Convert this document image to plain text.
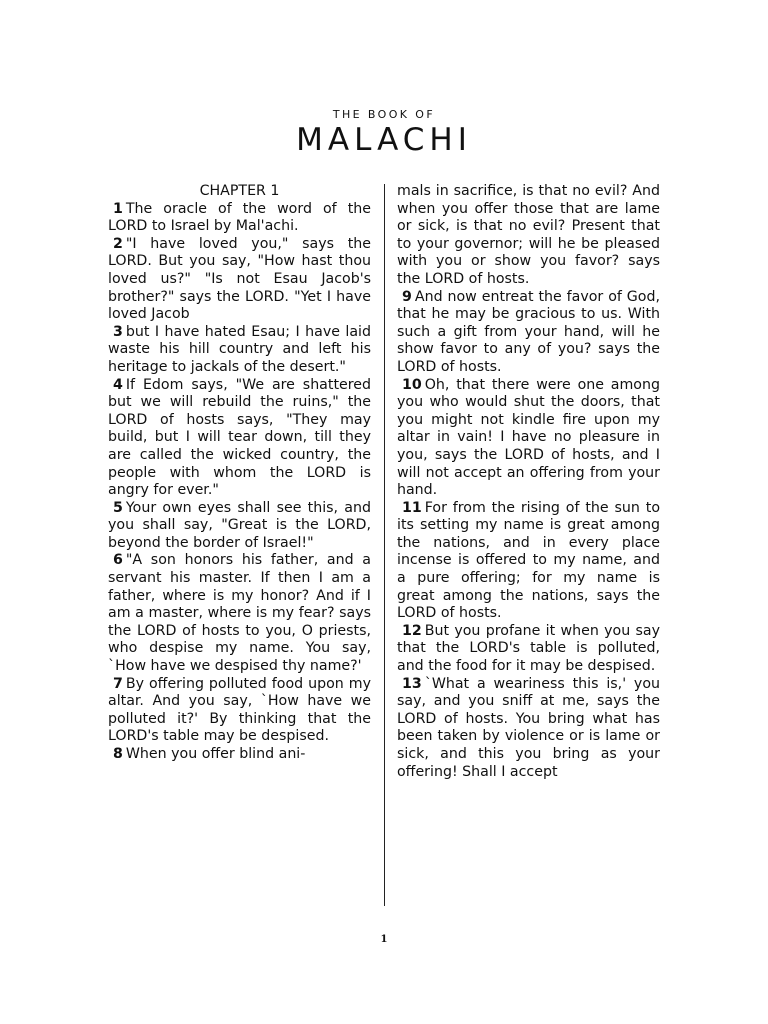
THE BOOK OF
MALACHI

CHAPTER 1

1 The oracle of the word of the LORD to Israel by Mal'achi.

2 "I have loved you," says the LORD. But you say, "How hast thou loved us?" "Is not Esau Jacob's brother?" says the LORD. "Yet I have loved Jacob

3 but I have hated Esau; I have laid waste his hill country and left his heritage to jackals of the desert."

4 If Edom says, "We are shattered but we will rebuild the ruins," the LORD of hosts says, "They may build, but I will tear down, till they are called the wicked country, the people with whom the LORD is angry for ever."

5 Your own eyes shall see this, and you shall say, "Great is the LORD, beyond the border of Israel!"

6 "A son honors his father, and a servant his master. If then I am a father, where is my honor? And if I am a master, where is my fear? says the LORD of hosts to you, O priests, who despise my name. You say, `How have we despised thy name?'

7 By offering polluted food upon my altar. And you say, `How have we polluted it?' By thinking that the LORD's table may be despised.

8 When you offer blind ani-

mals in sacrifice, is that no evil? And when you offer those that are lame or sick, is that no evil? Present that to your governor; will he be pleased with you or show you favor? says the LORD of hosts.

9 And now entreat the favor of God, that he may be gracious to us. With such a gift from your hand, will he show favor to any of you? says the LORD of hosts.

10 Oh, that there were one among you who would shut the doors, that you might not kindle fire upon my altar in vain! I have no pleasure in you, says the LORD of hosts, and I will not accept an offering from your hand.

11 For from the rising of the sun to its setting my name is great among the nations, and in every place incense is offered to my name, and a pure offering; for my name is great among the nations, says the LORD of hosts.

12 But you profane it when you say that the LORD's table is polluted, and the food for it may be despised.

13 `What a weariness this is,' you say, and you sniff at me, says the LORD of hosts. You bring what has been taken by violence or is lame or sick, and this you bring as your offering! Shall I accept

1
